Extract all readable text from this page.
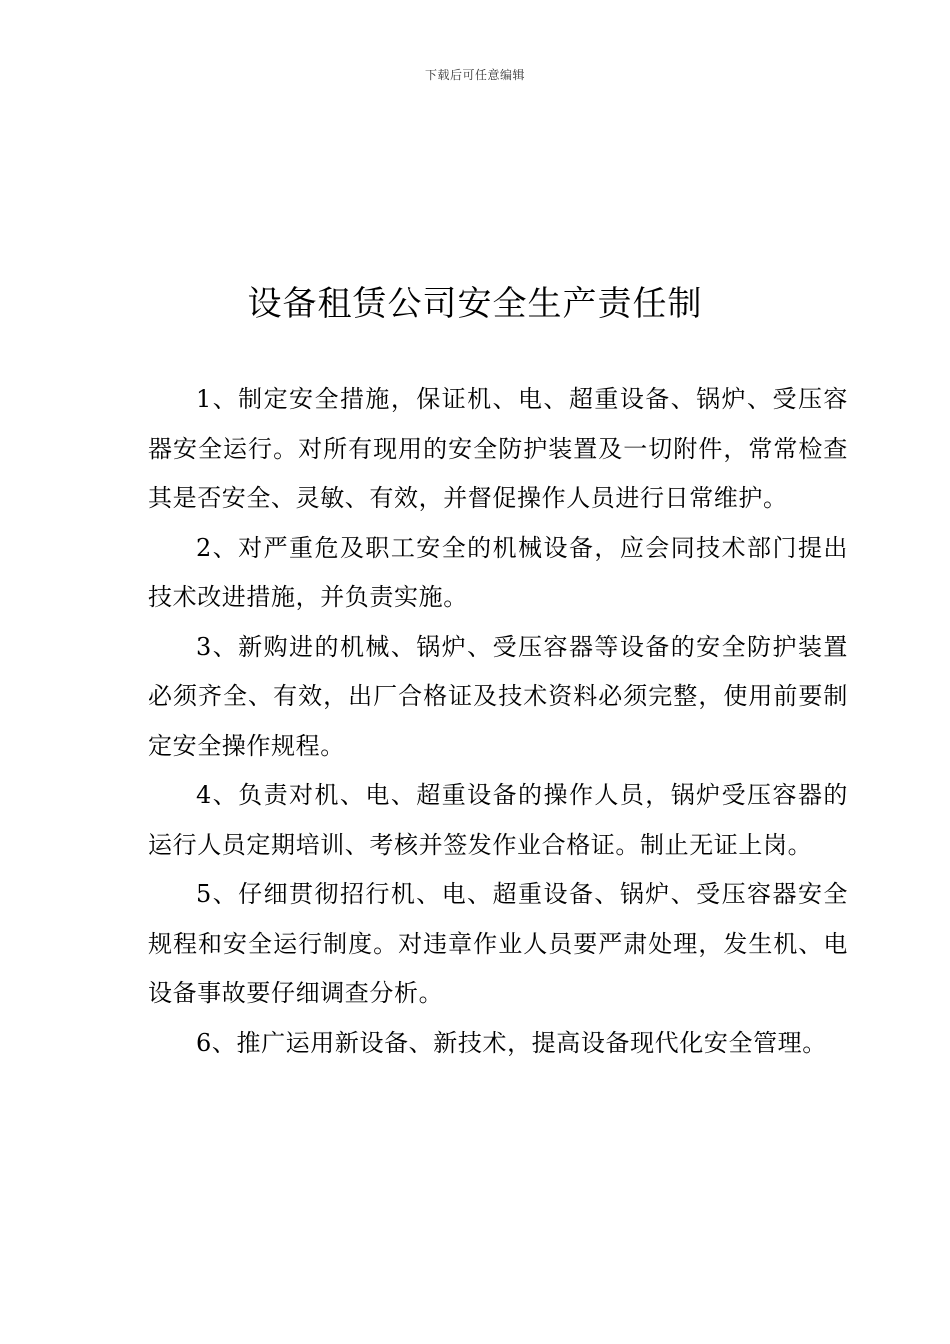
下载后可任意编辑
设备租赁公司安全生产责任制

1、制定安全措施，保证机、电、超重设备、锅炉、受压容器安全运行。对所有现用的安全防护装置及一切附件，常常检查其是否安全、灵敏、有效，并督促操作人员进行日常维护。

2、对严重危及职工安全的机械设备，应会同技术部门提出 技术改进措施，并负责实施。

3、新购进的机械、锅炉、受压容器等设备的安全防护装置必须齐全、有效，出厂合格证及技术资料必须完整，使用前要制定安全操作规程。

4、负责对机、电、超重设备的操作人员，锅炉受压容器的运行人员定期培训、考核并签发作业合格证。制止无证上岗。

5、仔细贯彻招行机、电、超重设备、锅炉、受压容器安全规程和安全运行制度。对违章作业人员要严肃处理，发生机、电设备事故要仔细调查分析。

6、推广运用新设备、新技术，提高设备现代化安全管理。
